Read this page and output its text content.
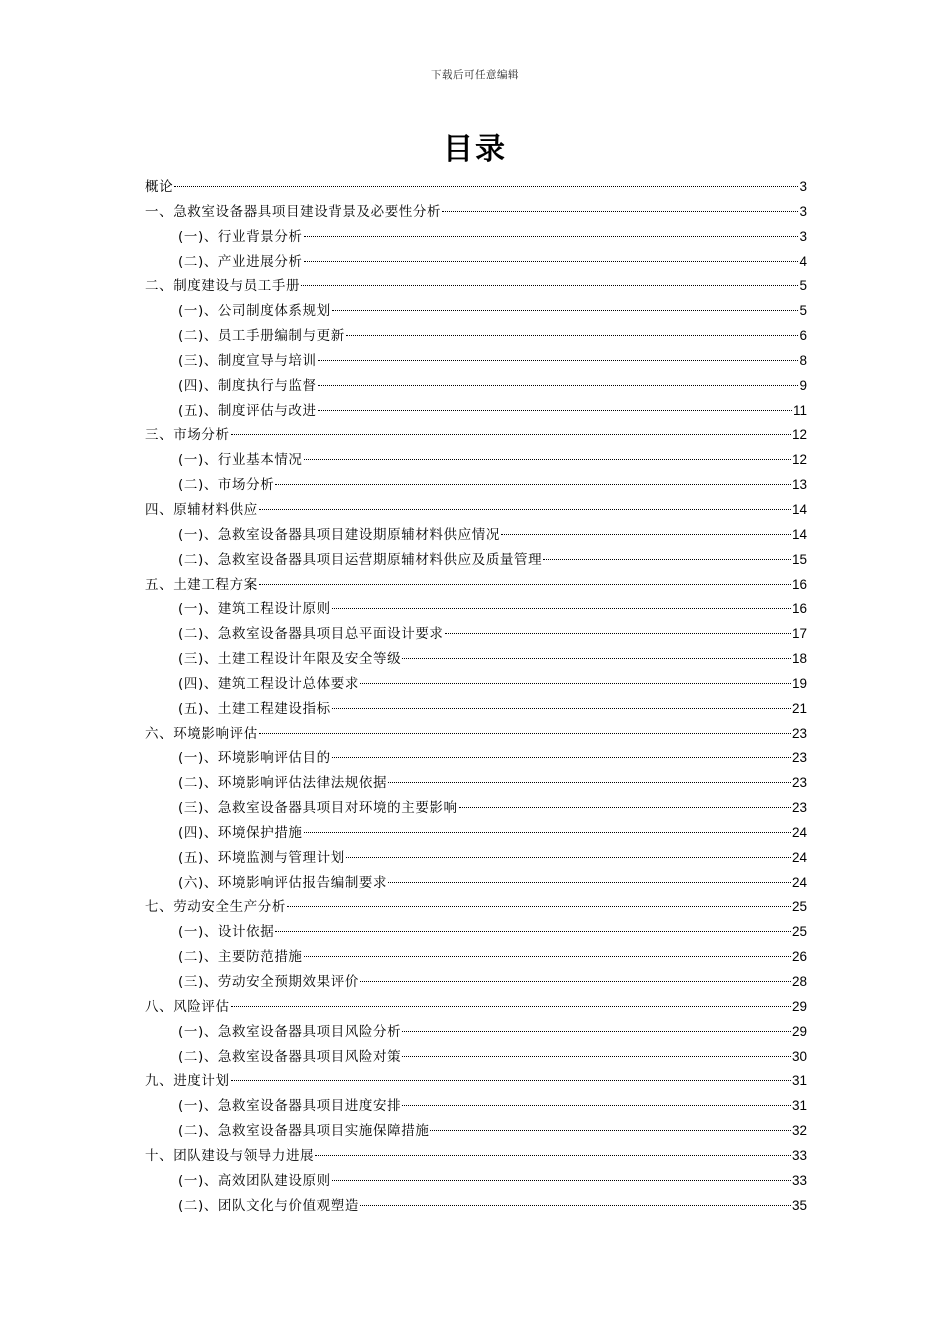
下载后可任意编辑
目录
概论	3
一、急救室设备器具项目建设背景及必要性分析	3
(一)、行业背景分析	3
(二)、产业进展分析	4
二、制度建设与员工手册	5
(一)、公司制度体系规划	5
(二)、员工手册编制与更新	6
(三)、制度宣导与培训	8
(四)、制度执行与监督	9
(五)、制度评估与改进	11
三、市场分析	12
(一)、行业基本情况	12
(二)、市场分析	13
四、原辅材料供应	14
(一)、急救室设备器具项目建设期原辅材料供应情况	14
(二)、急救室设备器具项目运营期原辅材料供应及质量管理	15
五、土建工程方案	16
(一)、建筑工程设计原则	16
(二)、急救室设备器具项目总平面设计要求	17
(三)、土建工程设计年限及安全等级	18
(四)、建筑工程设计总体要求	19
(五)、土建工程建设指标	21
六、环境影响评估	23
(一)、环境影响评估目的	23
(二)、环境影响评估法律法规依据	23
(三)、急救室设备器具项目对环境的主要影响	23
(四)、环境保护措施	24
(五)、环境监测与管理计划	24
(六)、环境影响评估报告编制要求	24
七、劳动安全生产分析	25
(一)、设计依据	25
(二)、主要防范措施	26
(三)、劳动安全预期效果评价	28
八、风险评估	29
(一)、急救室设备器具项目风险分析	29
(二)、急救室设备器具项目风险对策	30
九、进度计划	31
(一)、急救室设备器具项目进度安排	31
(二)、急救室设备器具项目实施保障措施	32
十、团队建设与领导力进展	33
(一)、高效团队建设原则	33
(二)、团队文化与价值观塑造	35
